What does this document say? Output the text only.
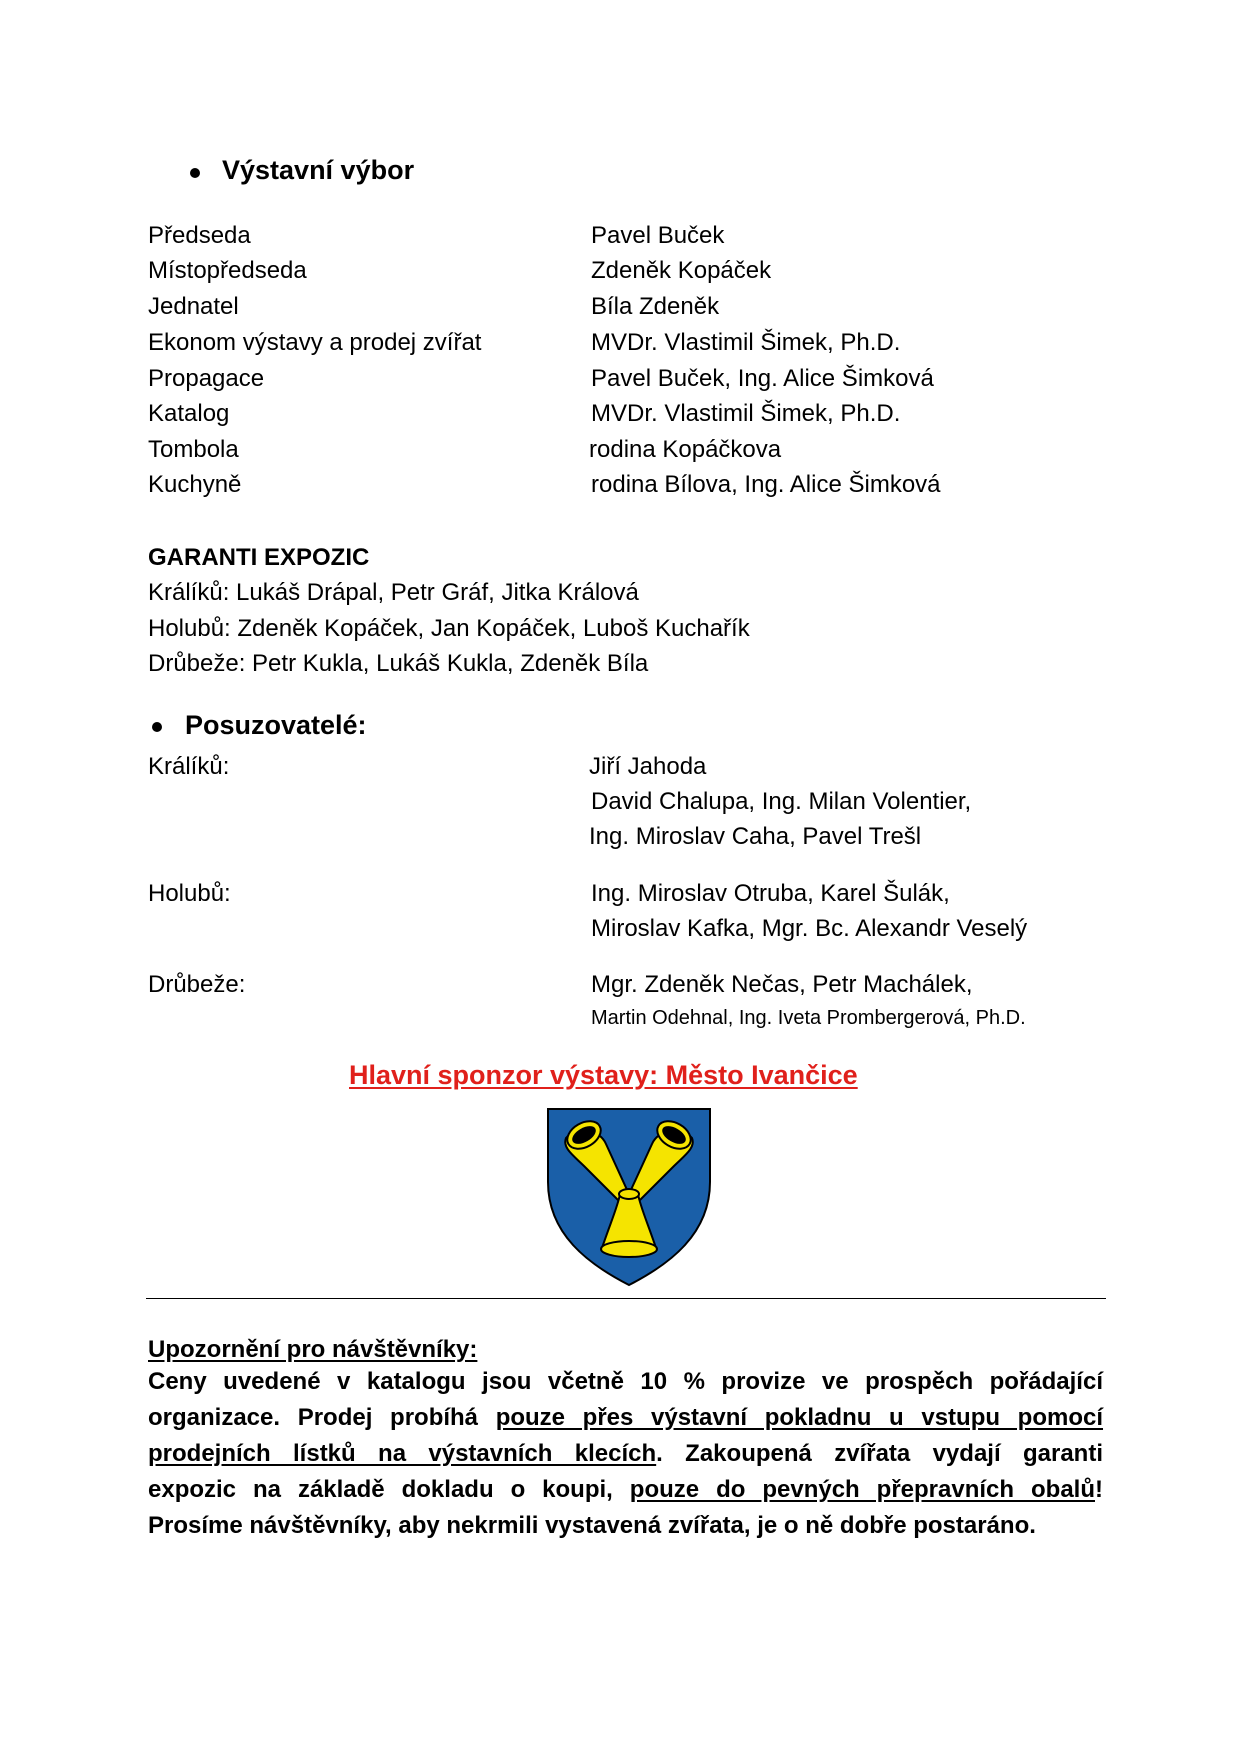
Výstavní výbor
Předseda	Pavel Buček
Místopředseda	Zdeněk Kopáček
Jednatel	Bíla Zdeněk
Ekonom výstavy a prodej zvířat	MVDr. Vlastimil Šimek, Ph.D.
Propagace	Pavel Buček, Ing. Alice Šimková
Katalog	MVDr. Vlastimil Šimek, Ph.D.
Tombola	rodina Kopáčkova
Kuchyně	rodina Bílova, Ing. Alice Šimková
GARANTI EXPOZIC
Králíků: Lukáš Drápal, Petr Gráf, Jitka Králová
Holubů: Zdeněk Kopáček, Jan Kopáček, Luboš Kuchařík
Drůbeže: Petr Kukla, Lukáš Kukla, Zdeněk Bíla
Posuzovatelé:
Králíků:	Jiří Jahoda
David Chalupa, Ing. Milan Volentier,
Ing. Miroslav Caha, Pavel Trešl
Holubů:	Ing. Miroslav Otruba, Karel Šulák,
Miroslav Kafka, Mgr. Bc. Alexandr Veselý
Drůbeže:	Mgr. Zdeněk Nečas, Petr Machálek,
Martin Odehnal, Ing. Iveta Prombergerová, Ph.D.
Hlavní sponzor výstavy: Město Ivančice
Upozornění pro návštěvníky:
Ceny uvedené v katalogu jsou včetně 10 % provize ve prospěch pořádající
organizace. Prodej probíhá pouze přes výstavní pokladnu u vstupu pomocí
prodejních lístků na výstavních klecích. Zakoupená zvířata vydají garanti
expozic na základě dokladu o koupi, pouze do pevných přepravních obalů!
Prosíme návštěvníky, aby nekrmili vystavená zvířata, je o ně dobře postaráno.
